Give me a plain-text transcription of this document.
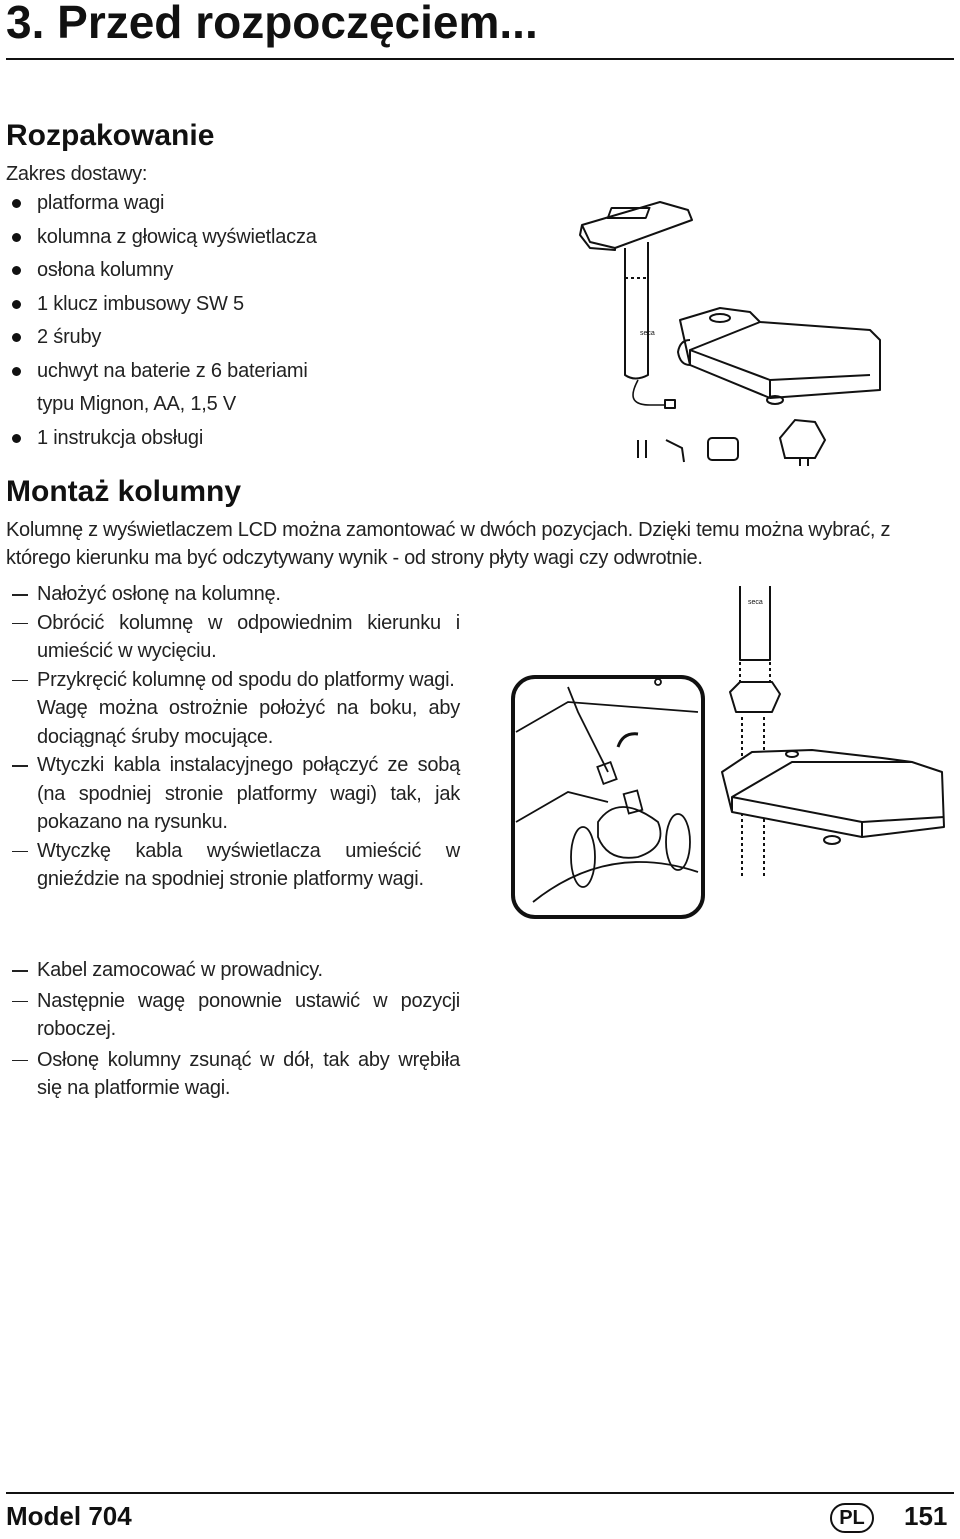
3. Przed rozpoczęciem...
Rozpakowanie
Zakres dostawy:
platforma wagi
kolumna z głowicą wyświetlacza
osłona kolumny
1 klucz imbusowy SW 5
2 śruby
uchwyt na baterie z 6 bateriami
typu Mignon, AA, 1,5 V
1 instrukcja obsługi
seca
Montaż kolumny
Kolumnę z wyświetlaczem LCD można zamontować w dwóch pozycjach. Dzięki temu można wybrać, z którego kierunku ma być odczytywany wynik - od strony płyty wagi czy odwrotnie.
Nałożyć osłonę na kolumnę.
Obrócić kolumnę w odpowiednim kierunku i umieścić w wycięciu.
Przykręcić kolumnę od spodu do platformy wagi.
Wagę można ostrożnie położyć na boku, aby dociągnąć śruby mocujące.
Wtyczki kabla instalacyjnego połączyć ze sobą (na spodniej stronie platformy wagi) tak, jak pokazano na rysunku.
Wtyczkę kabla wyświetlacza umieścić w gnieździe na spodniej stronie platformy wagi.
seca
Kabel zamocować w prowadnicy.
Następnie wagę ponownie ustawić w pozycji roboczej.
Osłonę kolumny zsunąć w dół, tak aby wrębiła się na platformie wagi.
Model 704	PL	151
